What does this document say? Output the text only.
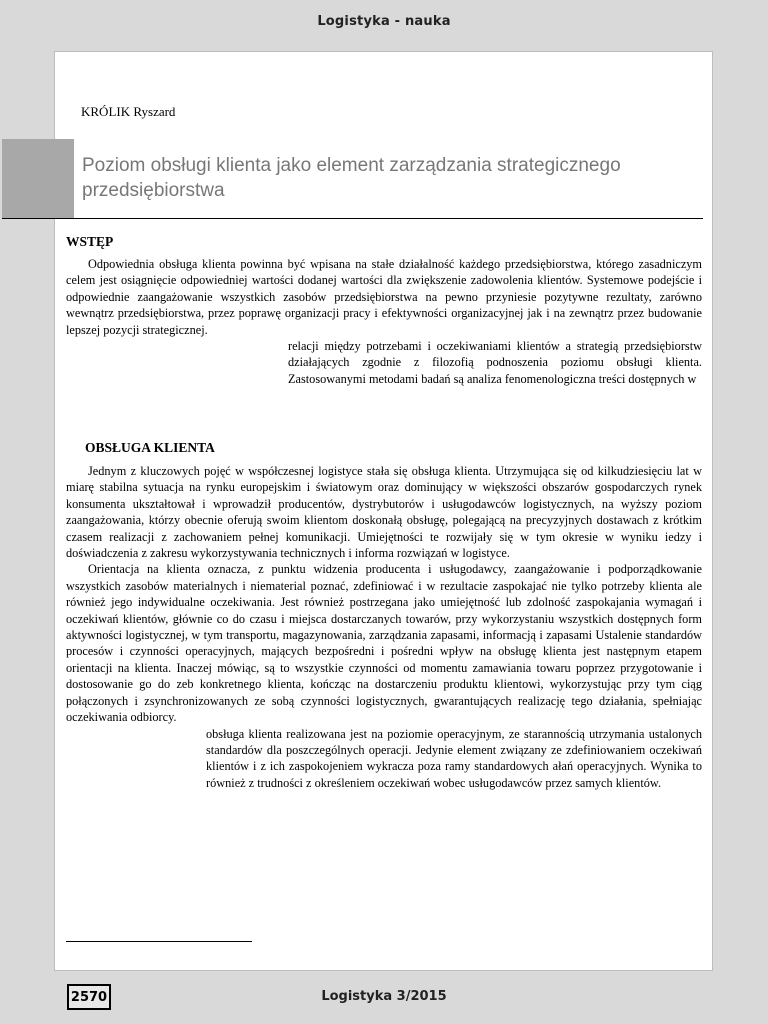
Logistyka - nauka
KRÓLIK Ryszard
Poziom obsługi klienta jako element zarządzania strategicznego przedsiębiorstwa
WSTĘP

Odpowiednia obsługa klienta powinna być wpisana na stałe działalność każdego przedsiębiorstwa, którego zasadniczym celem jest osiągnięcie odpowiedniej wartości dodanej wartości dla zwiększenie zadowolenia klientów. Systemowe podejście i odpowiednie zaangażowanie wszystkich zasobów przedsiębiorstwa na pewno przyniesie pozytywne rezultaty, zarówno wewnątrz przedsiębiorstwa, przez poprawę organizacji pracy i efektywności organizacyjnej jak i na zewnątrz przez budowanie lepszej pozycji strategicznej.

relacji między potrzebami i oczekiwaniami klientów a strategią przedsiębiorstw działających zgodnie z filozofią podnoszenia poziomu obsługi klienta. Zastosowanymi metodami badań są analiza fenomenologiczna treści dostępnych w

OBSŁUGA KLIENTA

Jednym z kluczowych pojęć w współczesnej logistyce stała się obsługa klienta. Utrzymująca się od kilkudziesięciu lat w miarę stabilna sytuacja na rynku europejskim i światowym oraz dominujący w większości obszarów gospodarczych rynek konsumenta ukształtował i wprowadził producentów, dystrybutorów i usługodawców logistycznych, na wyższy poziom zaangażowania, którzy obecnie oferują swoim klientom doskonałą obsługę, polegającą na precyzyjnych dostawach z krótkim czasem realizacji z zachowaniem pełnej komunikacji. Umiejętności te rozwijały się w tym okresie w wyniku iedzy i doświadczenia z zakresu wykorzystywania technicznych i informa rozwiązań w logistyce.

Orientacja na klienta oznacza, z punktu widzenia producenta i usługodawcy, zaangażowanie i podporządkowanie wszystkich zasobów materialnych i niematerial poznać, zdefiniować i w rezultacie zaspokajać nie tylko potrzeby klienta ale również jego indywidualne oczekiwania. Jest również postrzegana jako umiejętność lub zdolność zaspokajania wymagań i oczekiwań klientów, głównie co do czasu i miejsca dostarczanych towarów, przy wykorzystaniu wszystkich dostępnych form aktywności logistycznej, w tym transportu, magazynowania, zarządzania zapasami, informacją i zapasami Ustalenie standardów procesów i czynności operacyjnych, mających bezpośredni i pośredni wpływ na obsługę klienta jest następnym etapem orientacji na klienta. Inaczej mówiąc, są to wszystkie czynności od momentu zamawiania towaru poprzez przygotowanie i dostosowanie go do zeb konkretnego klienta, kończąc na dostarczeniu produktu klientowi, wykorzystując przy tym ciąg połączonych i zsynchronizowanych ze sobą czynności logistycznych, gwarantujących realizację tego działania, spełniając oczekiwania odbiorcy.

obsługa klienta realizowana jest na poziomie operacyjnym, ze starannością utrzymania ustalonych standardów dla poszczególnych operacji. Jedynie element związany ze zdefiniowaniem oczekiwań klientów i z ich zaspokojeniem wykracza poza ramy standardowych ałań operacyjnych. Wynika to również z trudności z określeniem oczekiwań wobec usługodawców przez samych klientów.

2570	Logistyka 3/2015
